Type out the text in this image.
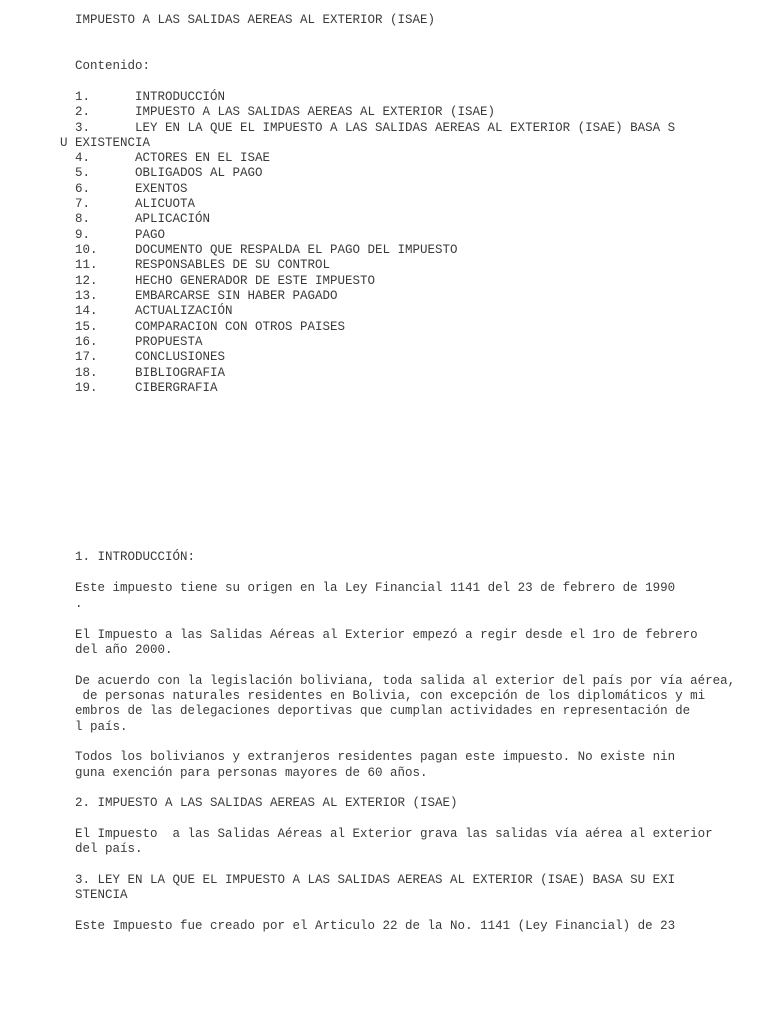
IMPUESTO A LAS SALIDAS AEREAS AL EXTERIOR (ISAE)
Contenido:
1.	INTRODUCCIÓN
2.	IMPUESTO A LAS SALIDAS AEREAS AL EXTERIOR (ISAE)
3.	LEY EN LA QUE EL IMPUESTO A LAS SALIDAS AEREAS AL EXTERIOR (ISAE) BASA S
U EXISTENCIA
4.	ACTORES EN EL ISAE
5.	OBLIGADOS AL PAGO
6.	EXENTOS
7.	ALICUOTA
8.	APLICACIÓN
9.	PAGO
10.	DOCUMENTO QUE RESPALDA EL PAGO DEL IMPUESTO
11.	RESPONSABLES DE SU CONTROL
12.	HECHO GENERADOR DE ESTE IMPUESTO
13.	EMBARCARSE SIN HABER PAGADO
14.	ACTUALIZACIÓN
15.	COMPARACION CON OTROS PAISES
16.	PROPUESTA
17.	CONCLUSIONES
18.	BIBLIOGRAFIA
19.	CIBERGRAFIA
1. INTRODUCCIÓN:
Este impuesto tiene su origen en la Ley Financial 1141 del 23 de febrero de 1990
.
El Impuesto a las Salidas Aéreas al Exterior empezó a regir desde el 1ro de febrero
del año 2000.
De acuerdo con la legislación boliviana, toda salida al exterior del país por vía aérea,
de personas naturales residentes en Bolivia, con excepción de los diplomáticos y mi
embros de las delegaciones deportivas que cumplan actividades en representación de
l país.
Todos los bolivianos y extranjeros residentes pagan este impuesto. No existe nin
guna exención para personas mayores de 60 años.
2. IMPUESTO A LAS SALIDAS AEREAS AL EXTERIOR (ISAE)
El Impuesto  a las Salidas Aéreas al Exterior grava las salidas vía aérea al exterior
del país.
3. LEY EN LA QUE EL IMPUESTO A LAS SALIDAS AEREAS AL EXTERIOR (ISAE) BASA SU EXI
STENCIA
Este Impuesto fue creado por el Articulo 22 de la No. 1141 (Ley Financial) de 23
